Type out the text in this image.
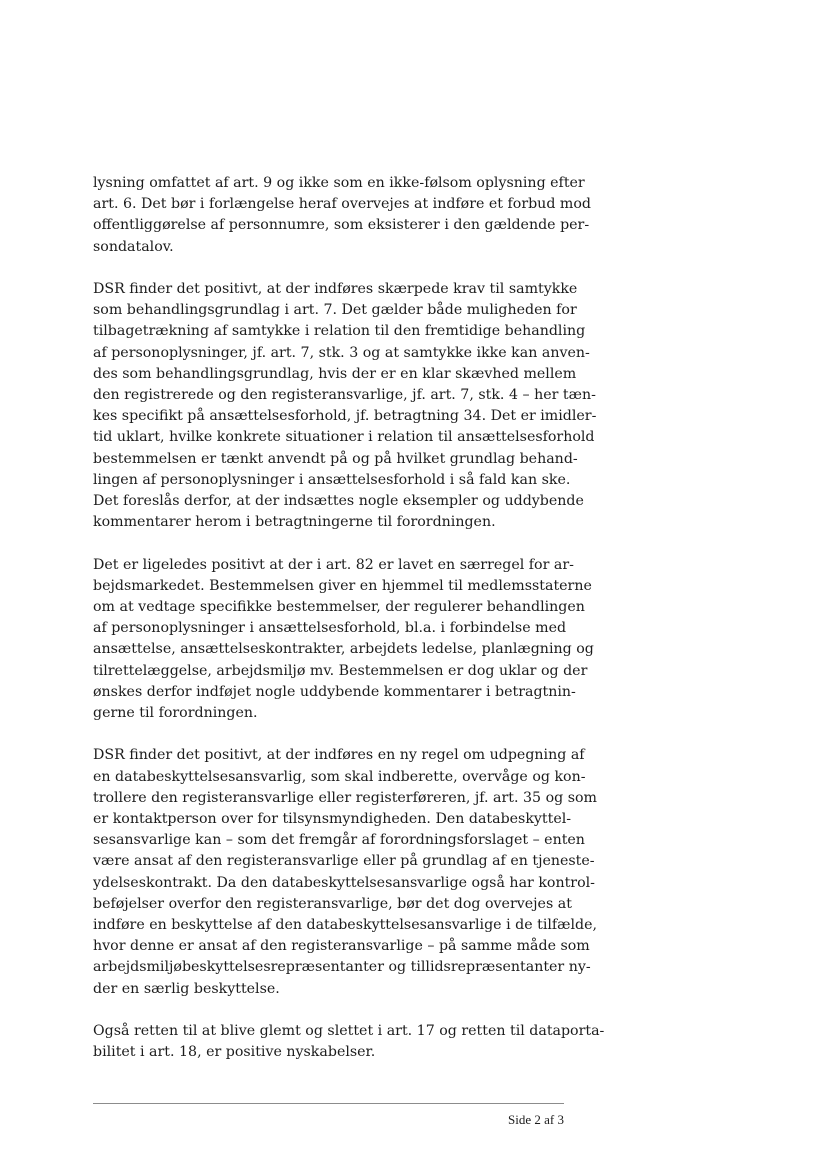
lysning omfattet af art. 9 og ikke som en ikke-følsom oplysning efter
art. 6. Det bør i forlængelse heraf overvejes at indføre et forbud mod
offentliggørelse af personnumre, som eksisterer i den gældende per-
sondatalov.
DSR finder det positivt, at der indføres skærpede krav til samtykke
som behandlingsgrundlag i art. 7. Det gælder både muligheden for
tilbagetrækning af samtykke i relation til den fremtidige behandling
af personoplysninger, jf. art. 7, stk. 3 og at samtykke ikke kan anven-
des som behandlingsgrundlag, hvis der er en klar skævhed mellem
den registrerede og den registeransvarlige, jf. art. 7, stk. 4 – her tæn-
kes specifikt på ansættelsesforhold, jf. betragtning 34. Det er imidler-
tid uklart, hvilke konkrete situationer i relation til ansættelsesforhold
bestemmelsen er tænkt anvendt på og på hvilket grundlag behand-
lingen af personoplysninger i ansættelsesforhold i så fald kan ske.
Det foreslås derfor, at der indsættes nogle eksempler og uddybende
kommentarer herom i betragtningerne til forordningen.
Det er ligeledes positivt at der i art. 82 er lavet en særregel for ar-
bejdsmarkedet. Bestemmelsen giver en hjemmel til medlemsstaterne
om at vedtage specifikke bestemmelser, der regulerer behandlingen
af personoplysninger i ansættelsesforhold, bl.a. i forbindelse med
ansættelse, ansættelseskontrakter, arbejdets ledelse, planlægning og
tilrettelæggelse, arbejdsmiljø mv. Bestemmelsen er dog uklar og der
ønskes derfor indføjet nogle uddybende kommentarer i betragtnin-
gerne til forordningen.
DSR finder det positivt, at der indføres en ny regel om udpegning af
en databeskyttelsesansvarlig, som skal indberette, overvåge og kon-
trollere den registeransvarlige eller registerføreren, jf. art. 35 og som
er kontaktperson over for tilsynsmyndigheden. Den databeskyttel-
sesansvarlige kan – som det fremgår af forordningsforslaget – enten
være ansat af den registeransvarlige eller på grundlag af en tjeneste-
ydelseskontrakt. Da den databeskyttelsesansvarlige også har kontrol-
beføjelser overfor den registeransvarlige, bør det dog overvejes at
indføre en beskyttelse af den databeskyttelsesansvarlige i de tilfælde,
hvor denne er ansat af den registeransvarlige – på samme måde som
arbejdsmiljøbeskyttelsesrepræsentanter og tillidsrepræsentanter ny-
der en særlig beskyttelse.
Også retten til at blive glemt og slettet i art. 17 og retten til dataporta-
bilitet i art. 18, er positive nyskabelser.
Side 2 af 3
